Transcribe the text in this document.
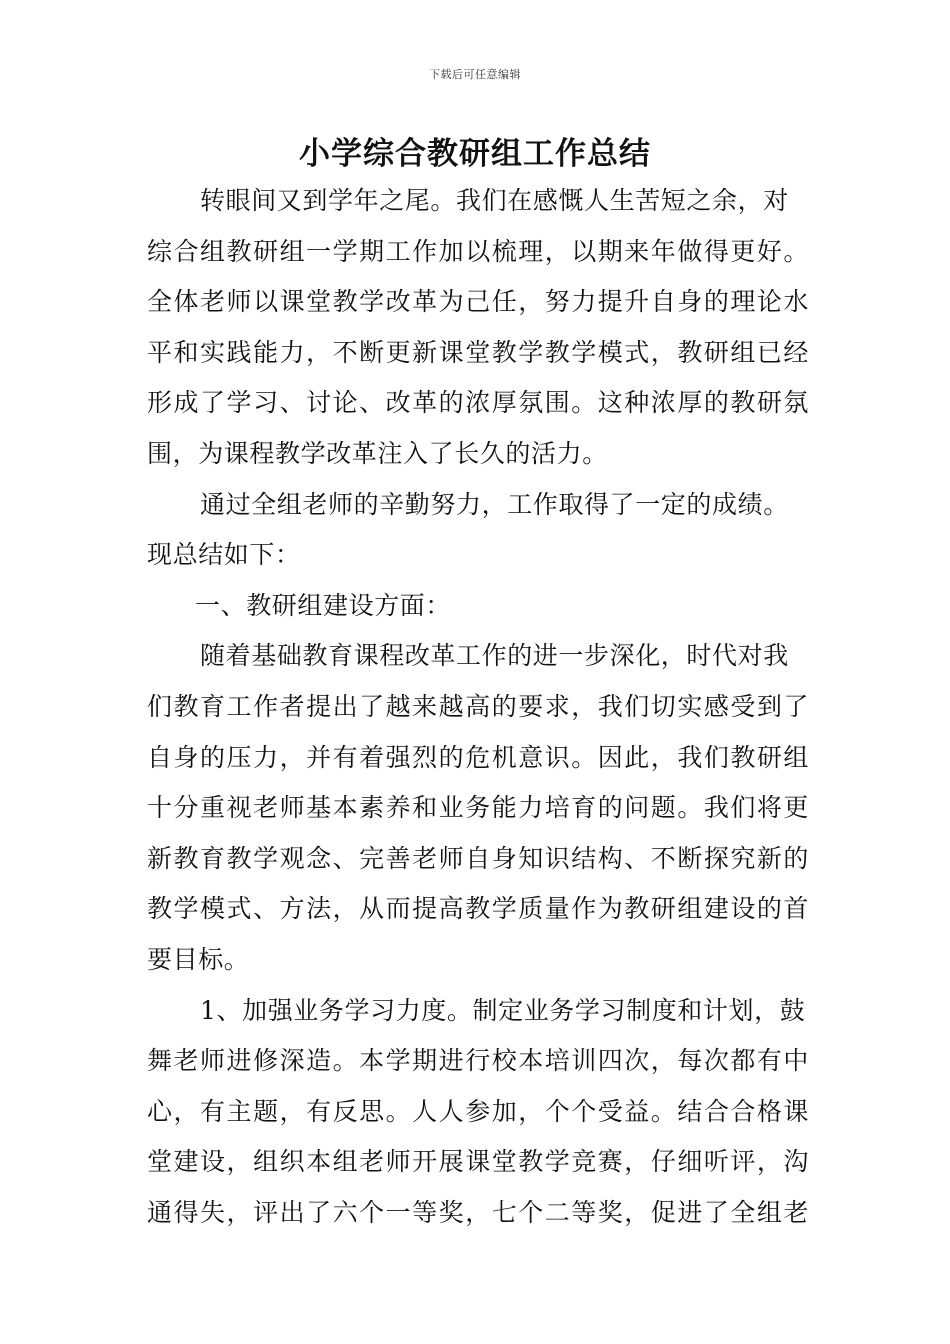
下载后可任意编辑
小学综合教研组工作总结
转眼间又到学年之尾。我们在感慨人生苦短之余，对
综合组教研组一学期工作加以梳理，以期来年做得更好。
全体老师以课堂教学改革为己任，努力提升自身的理论水
平和实践能力，不断更新课堂教学教学模式，教研组已经
形成了学习、讨论、改革的浓厚氛围。这种浓厚的教研氛
围，为课程教学改革注入了长久的活力。
通过全组老师的辛勤努力，工作取得了一定的成绩。
现总结如下：
一、教研组建设方面：
随着基础教育课程改革工作的进一步深化，时代对我
们教育工作者提出了越来越高的要求，我们切实感受到了
自身的压力，并有着强烈的危机意识。因此，我们教研组
十分重视老师基本素养和业务能力培育的问题。我们将更
新教育教学观念、完善老师自身知识结构、不断探究新的
教学模式、方法，从而提高教学质量作为教研组建设的首
要目标。
1、加强业务学习力度。制定业务学习制度和计划，鼓
舞老师进修深造。本学期进行校本培训四次，每次都有中
心，有主题，有反思。人人参加，个个受益。结合合格课
堂建设，组织本组老师开展课堂教学竞赛，仔细听评，沟
通得失，评出了六个一等奖，七个二等奖，促进了全组老
